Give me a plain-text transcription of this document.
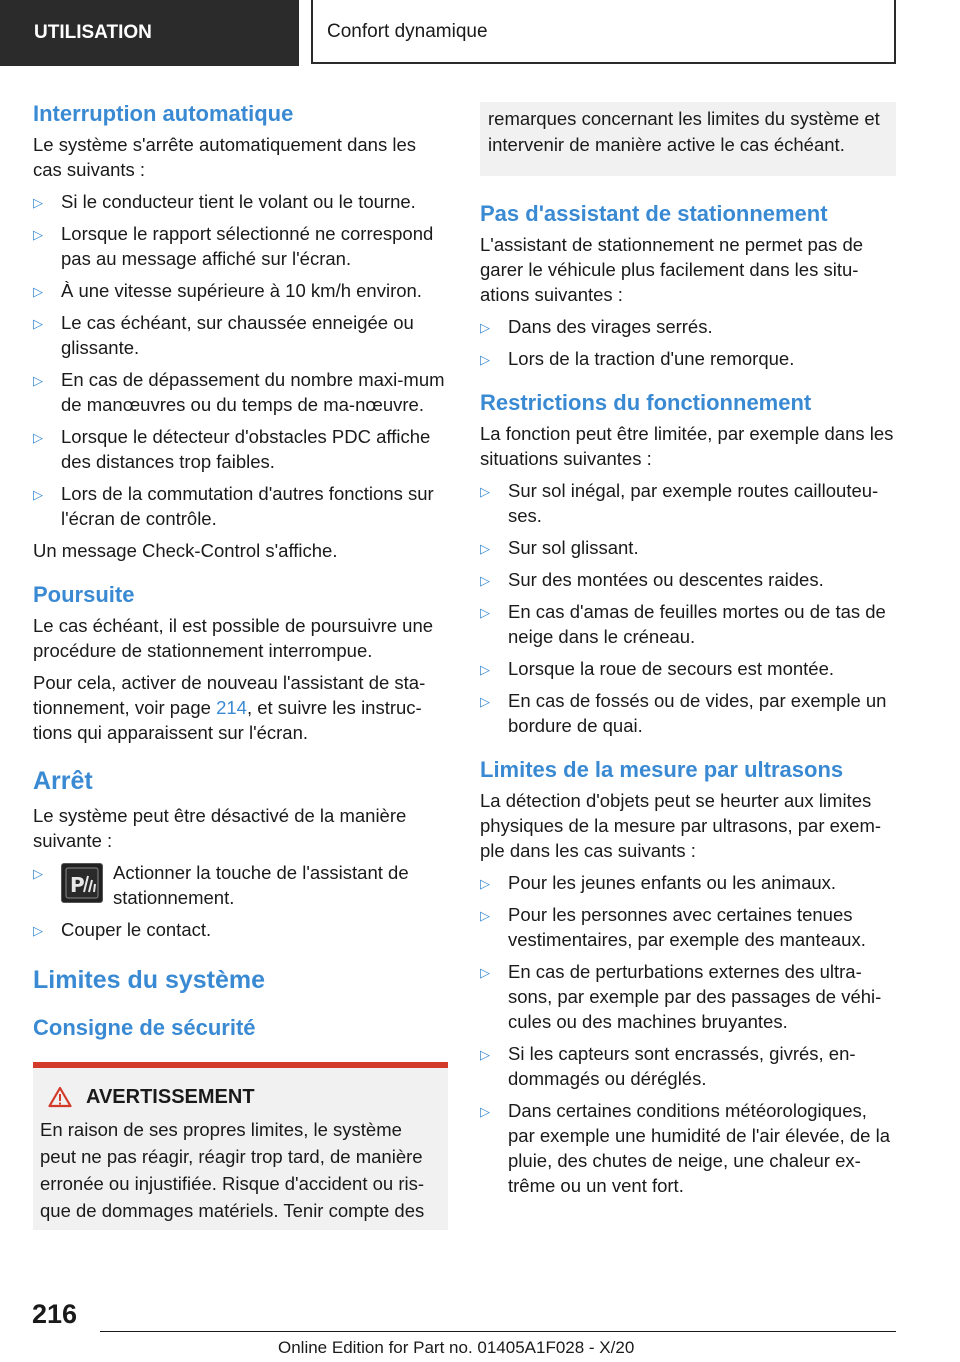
UTILISATION	Confort dynamique
Interruption automatique

Le système s'arrête automatiquement dans les cas suivants :

▷ Si le conducteur tient le volant ou le tourne.
▷ Lorsque le rapport sélectionné ne correspond pas au message affiché sur l'écran.
▷ À une vitesse supérieure à 10 km/h environ.
▷ Le cas échéant, sur chaussée enneigée ou glissante.
▷ En cas de dépassement du nombre maxi-mum de manœuvres ou du temps de ma-nœuvre.
▷ Lorsque le détecteur d'obstacles PDC affiche des distances trop faibles.
▷ Lors de la commutation d'autres fonctions sur l'écran de contrôle.

Un message Check-Control s'affiche.

Poursuite

Le cas échéant, il est possible de poursuivre une procédure de stationnement interrompue.

Pour cela, activer de nouveau l'assistant de sta-tionnement, voir page 214, et suivre les instruc-tions qui apparaissent sur l'écran.

Arrêt

Le système peut être désactivé de la manière suivante :

▷ P
Actionner la touche de l'assistant de stationnement.
▷ Couper le contact.
Limites du système
Consigne de sécurité
AVERTISSEMENT

En raison de ses propres limites, le système peut ne pas réagir, réagir trop tard, de manière erronée ou injustifiée. Risque d'accident ou ris-que de dommages matériels. Tenir compte des

remarques concernant les limites du système et intervenir de manière active le cas échéant.

Pas d'assistant de stationnement

L'assistant de stationnement ne permet pas de garer le véhicule plus facilement dans les situ-ations suivantes :

▷ Dans des virages serrés.
▷ Lors de la traction d'une remorque.
Restrictions du fonctionnement

La fonction peut être limitée, par exemple dans les situations suivantes :

▷ Sur sol inégal, par exemple routes caillouteu-ses.
▷ Sur sol glissant.
▷ Sur des montées ou descentes raides.
▷ En cas d'amas de feuilles mortes ou de tas de neige dans le créneau.
▷ Lorsque la roue de secours est montée.
▷ En cas de fossés ou de vides, par exemple un bordure de quai.
Limites de la mesure par ultrasons

La détection d'objets peut se heurter aux limites physiques de la mesure par ultrasons, par exem-ple dans les cas suivants :

▷ Pour les jeunes enfants ou les animaux.
▷ Pour les personnes avec certaines tenues vestimentaires, par exemple des manteaux.
▷ En cas de perturbations externes des ultra-sons, par exemple par des passages de véhi-cules ou des machines bruyantes.
▷ Si les capteurs sont encrassés, givrés, en-dommagés ou déréglés.
▷ Dans certaines conditions météorologiques, par exemple une humidité de l'air élevée, de la pluie, des chutes de neige, une chaleur ex-trême ou un vent fort.
216
Online Edition for Part no. 01405A1F028 - X/20
